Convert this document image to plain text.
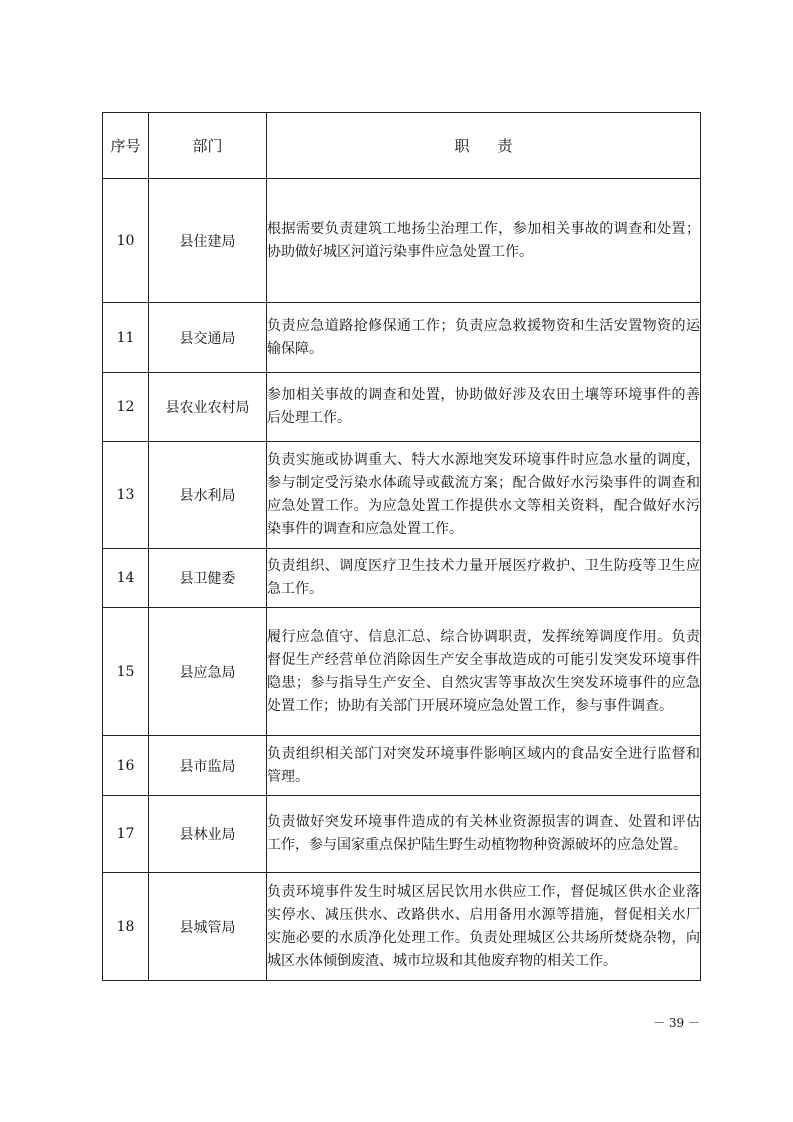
序号	部门	职责
10	县住建局	根据需要负责建筑工地扬尘治理工作，参加相关事故的调查和处置；协助做好城区河道污染事件应急处置工作。
11	县交通局	负责应急道路抢修保通工作；负责应急救援物资和生活安置物资的运输保障。
12	县农业农村局	参加相关事故的调查和处置，协助做好涉及农田土壤等环境事件的善后处理工作。
13	县水利局	负责实施或协调重大、特大水源地突发环境事件时应急水量的调度，参与制定受污染水体疏导或截流方案；配合做好水污染事件的调查和应急处置工作。为应急处置工作提供水文等相关资料，配合做好水污染事件的调查和应急处置工作。
14	县卫健委	负责组织、调度医疗卫生技术力量开展医疗救护、卫生防疫等卫生应急工作。
15	县应急局	履行应急值守、信息汇总、综合协调职责，发挥统筹调度作用。负责督促生产经营单位消除因生产安全事故造成的可能引发突发环境事件隐患；参与指导生产安全、自然灾害等事故次生突发环境事件的应急处置工作；协助有关部门开展环境应急处置工作，参与事件调查。
16	县市监局	负责组织相关部门对突发环境事件影响区域内的食品安全进行监督和管理。
17	县林业局	负责做好突发环境事件造成的有关林业资源损害的调查、处置和评估工作，参与国家重点保护陆生野生动植物物种资源破坏的应急处置。
18	县城管局	负责环境事件发生时城区居民饮用水供应工作，督促城区供水企业落实停水、减压供水、改路供水、启用备用水源等措施，督促相关水厂实施必要的水质净化处理工作。负责处理城区公共场所焚烧杂物，向城区水体倾倒废渣、城市垃圾和其他废弃物的相关工作。
－ 39 －
